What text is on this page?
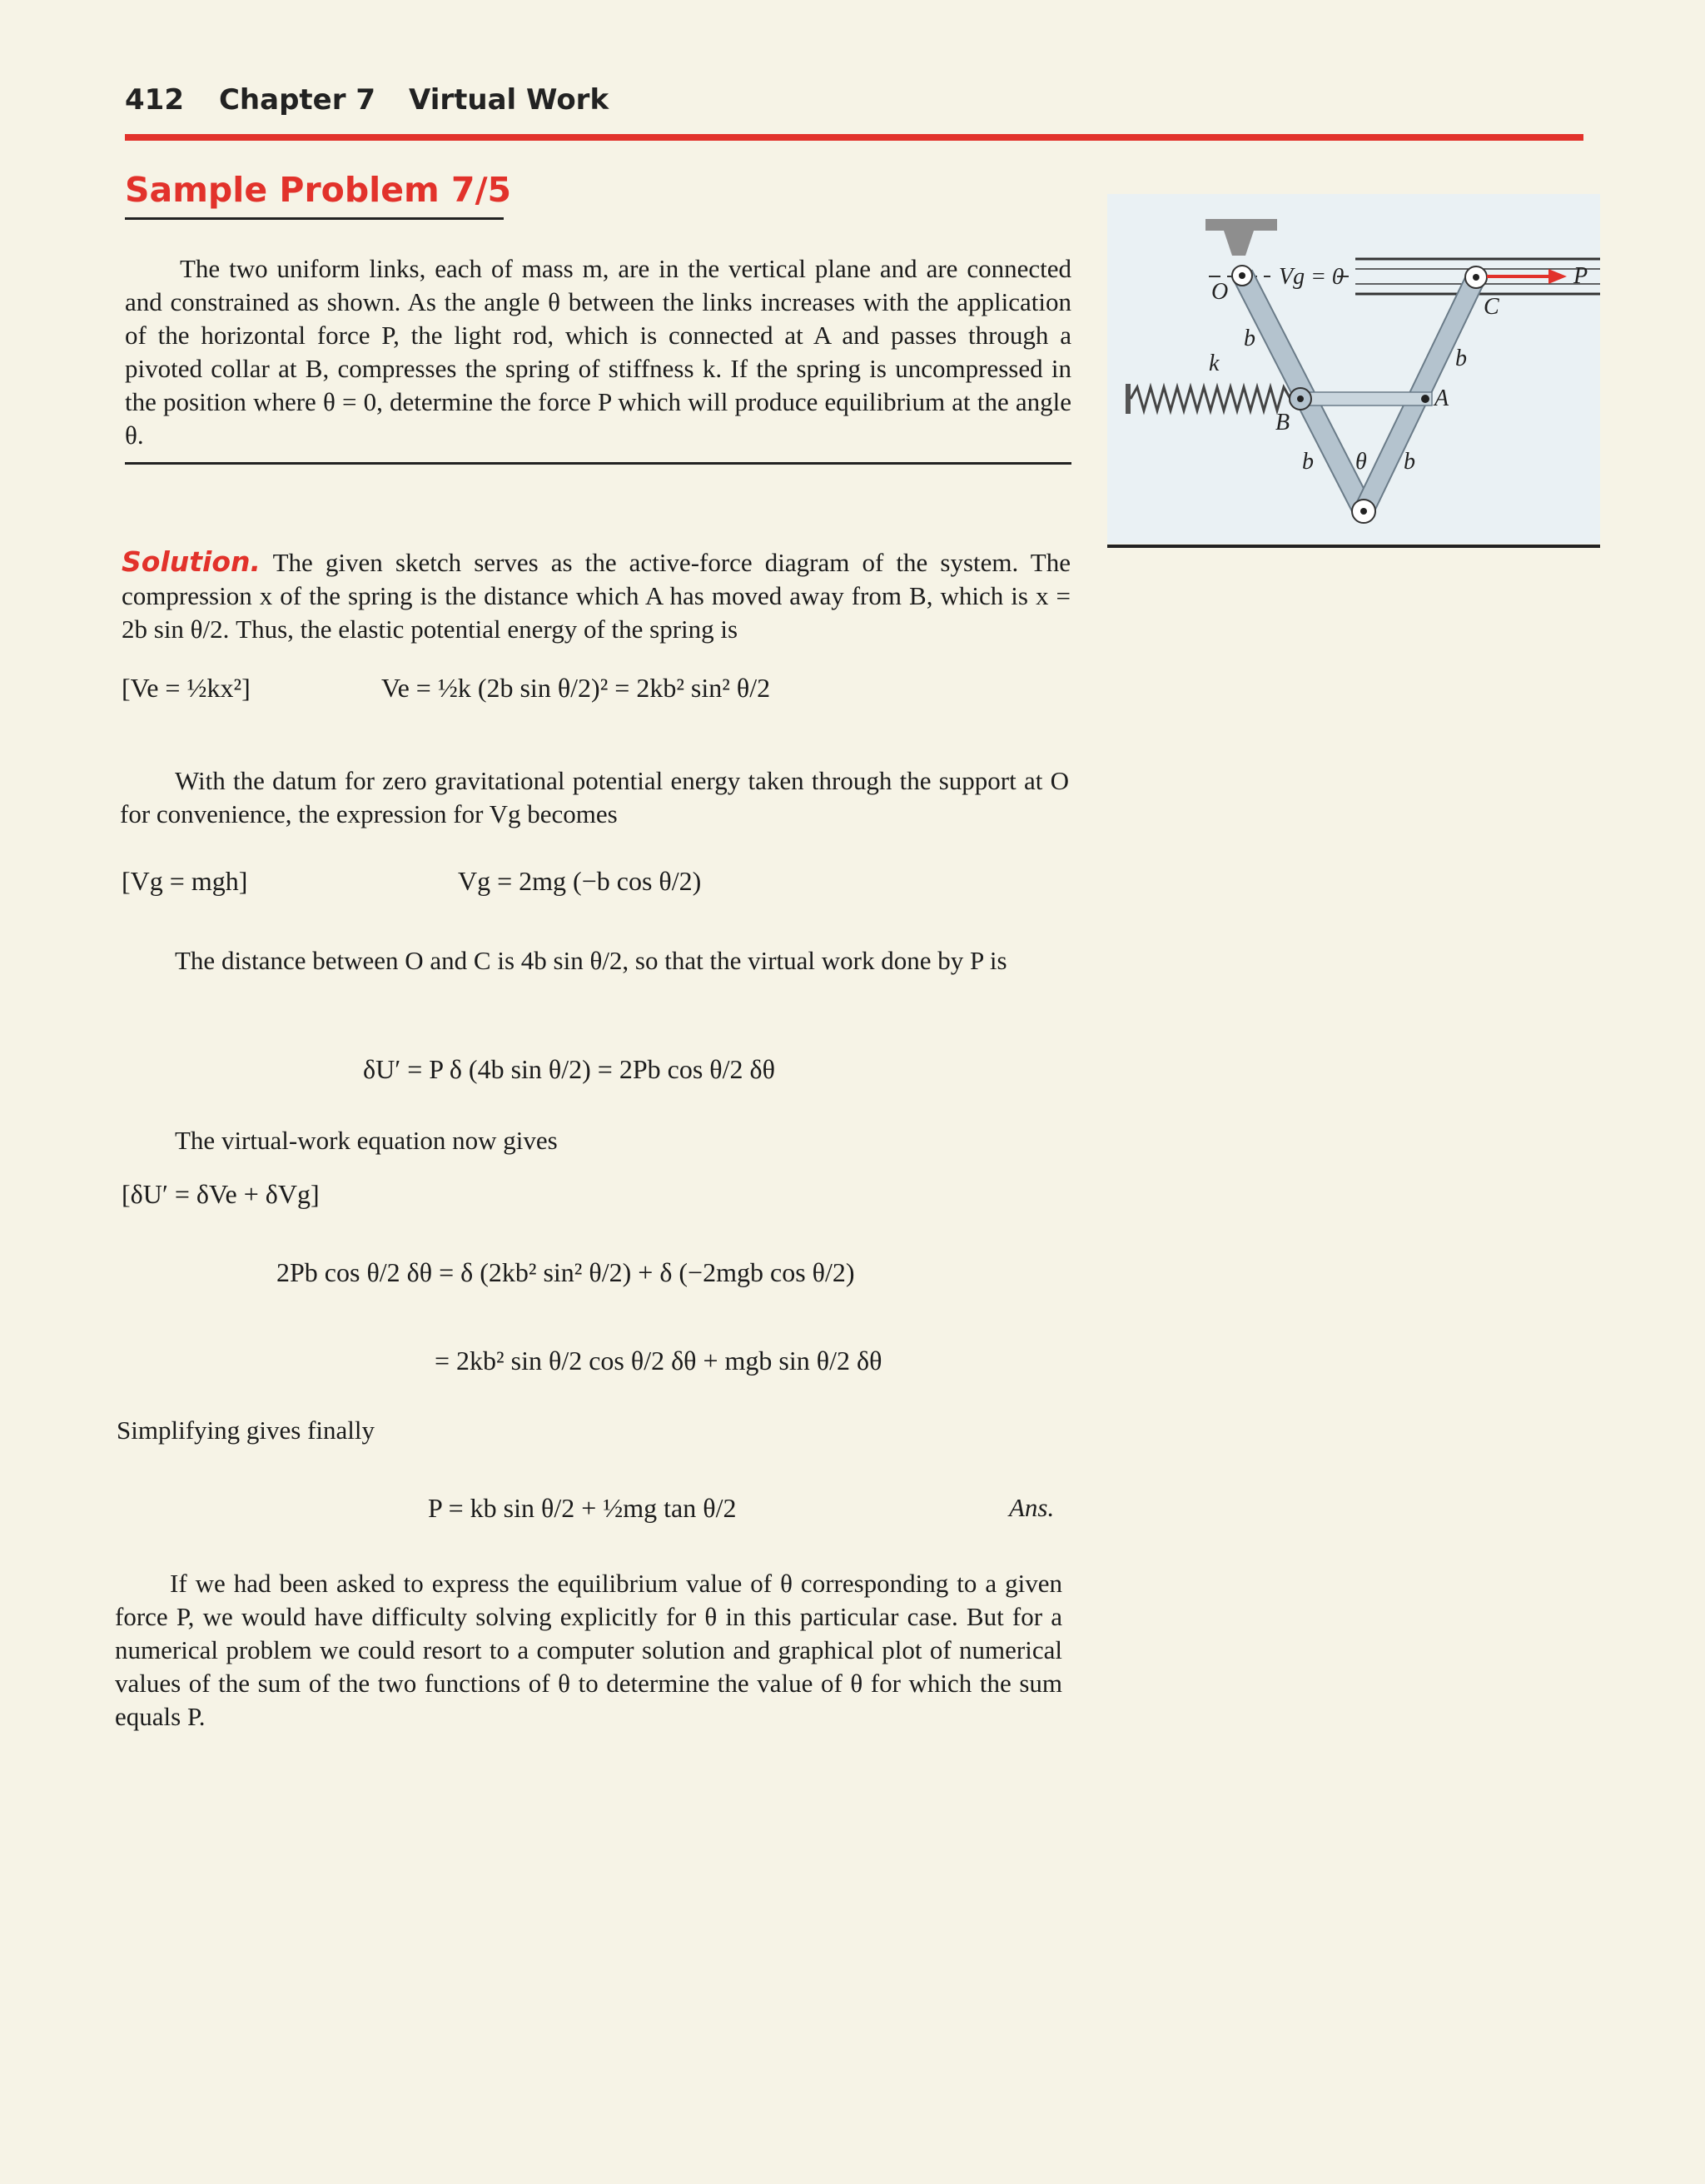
412 Chapter 7 Virtual Work
Sample Problem 7/5

The two uniform links, each of mass m, are in the vertical plane and are connected and constrained as shown. As the angle θ between the links increases with the application of the horizontal force P, the light rod, which is connected at A and passes through a pivoted collar at B, compresses the spring of stiffness k. If the spring is uncompressed in the position where θ = 0, determine the force P which will produce equilibrium at the angle θ.

Vg = 0
O
C
A
B
k
P
b
b
b	b
θ

Solution. The given sketch serves as the active-force diagram of the system. The compression x of the spring is the distance which A has moved away from B, which is x = 2b sin θ/2. Thus, the elastic potential energy of the spring is

[Ve = ½kx²]	Ve = ½k (2b sin θ/2)² = 2kb² sin² θ/2

With the datum for zero gravitational potential energy taken through the support at O for convenience, the expression for Vg becomes

[Vg = mgh]	Vg = 2mg (−b cos θ/2)

The distance between O and C is 4b sin θ/2, so that the virtual work done by P is

δU′ = P δ (4b sin θ/2) = 2Pb cos θ/2 δθ

The virtual-work equation now gives

[δU′ = δVe + δVg]
2Pb cos θ/2 δθ = δ (2kb² sin² θ/2) + δ (−2mgb cos θ/2)
= 2kb² sin θ/2 cos θ/2 δθ + mgb sin θ/2 δθ

Simplifying gives finally

P = kb sin θ/2 + ½mg tan θ/2	Ans.

If we had been asked to express the equilibrium value of θ corresponding to a given force P, we would have difficulty solving explicitly for θ in this particular case. But for a numerical problem we could resort to a computer solution and graphical plot of numerical values of the sum of the two functions of θ to determine the value of θ for which the sum equals P.
